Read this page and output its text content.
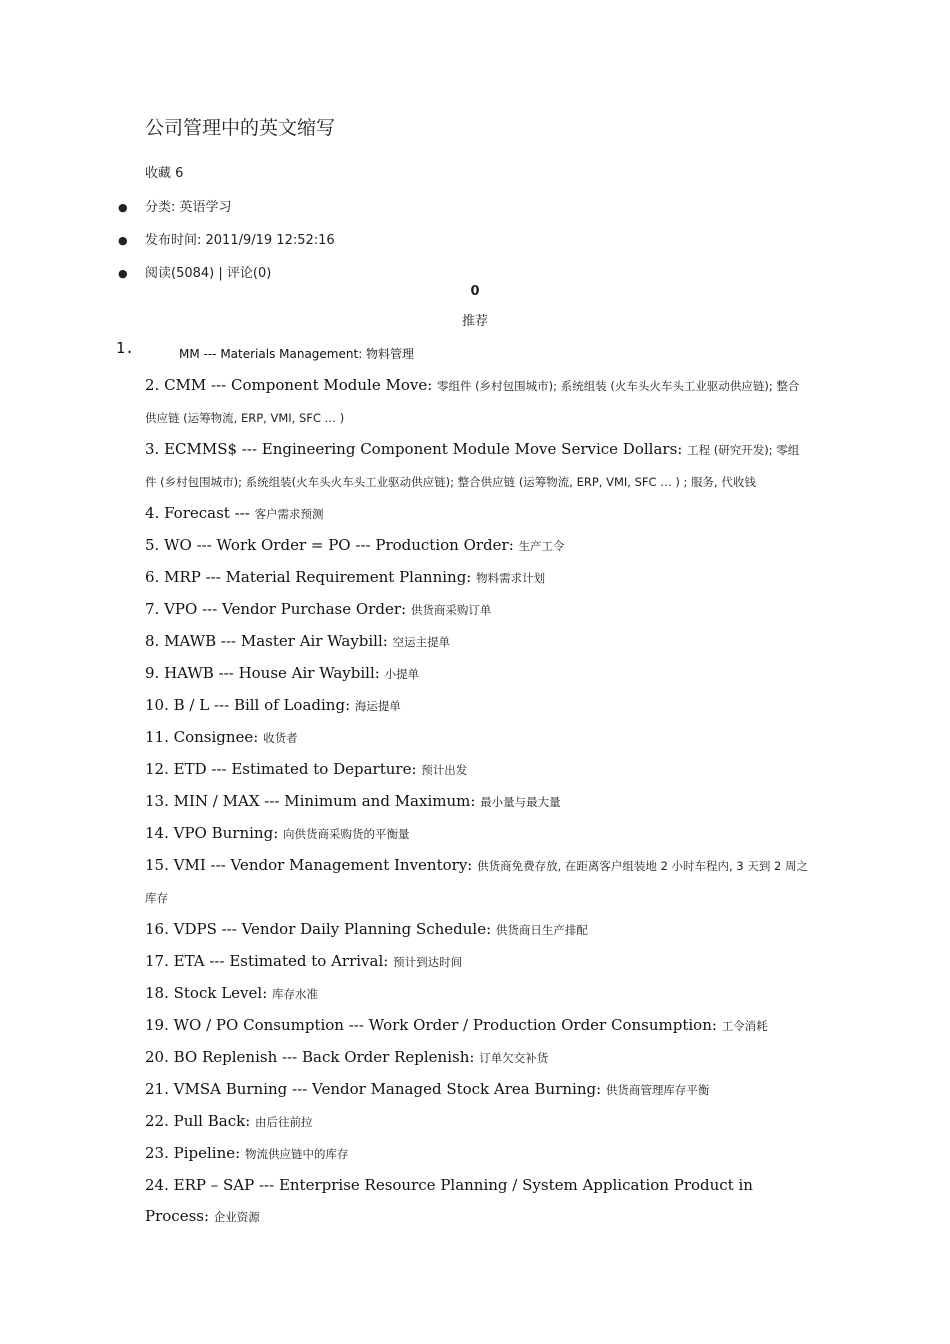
公司管理中的英文缩写
收藏 6
● 分类: 英语学习
● 发布时间: 2011/9/19 12:52:16
● 阅读(5084) | 评论(0)
0
推荐
1.	MM --- Materials Management: 物料管理

2. CMM --- Component Module Move: 零组件 (乡村包围城市); 系统组装 (火车头火车头工业驱动供应链); 整合供应链 (运筹物流, ERP, VMI, SFC … )

3. ECMMS$ --- Engineering Component Module Move Service Dollars: 工程 (研究开发); 零组件 (乡村包围城市); 系统组装(火车头火车头工业驱动供应链); 整合供应链 (运筹物流, ERP, VMI, SFC … ) ; 服务, 代收钱

4. Forecast --- 客户需求预测

5. WO --- Work Order = PO --- Production Order: 生产工令

6. MRP --- Material Requirement Planning: 物料需求计划

7. VPO --- Vendor Purchase Order: 供货商采购订单

8. MAWB --- Master Air Waybill: 空运主提单

9. HAWB --- House Air Waybill: 小提单

10. B / L --- Bill of Loading: 海运提单

11. Consignee: 收货者

12. ETD --- Estimated to Departure: 预计出发

13. MIN / MAX --- Minimum and Maximum: 最小量与最大量

14. VPO Burning: 向供货商采购货的平衡量

15. VMI --- Vendor Management Inventory: 供货商免费存放, 在距离客户组装地 2 小时车程内, 3 天到 2 周之库存

16. VDPS --- Vendor Daily Planning Schedule: 供货商日生产排配

17. ETA --- Estimated to Arrival: 预计到达时间

18. Stock Level: 库存水准

19. WO / PO Consumption --- Work Order / Production Order Consumption: 工令消耗

20. BO Replenish --- Back Order Replenish: 订单欠交补货

21. VMSA Burning --- Vendor Managed Stock Area Burning: 供货商管理库存平衡

22. Pull Back: 由后往前拉

23. Pipeline: 物流供应链中的库存

24. ERP – SAP --- Enterprise Resource Planning / System Application Product in Process: 企业资源
